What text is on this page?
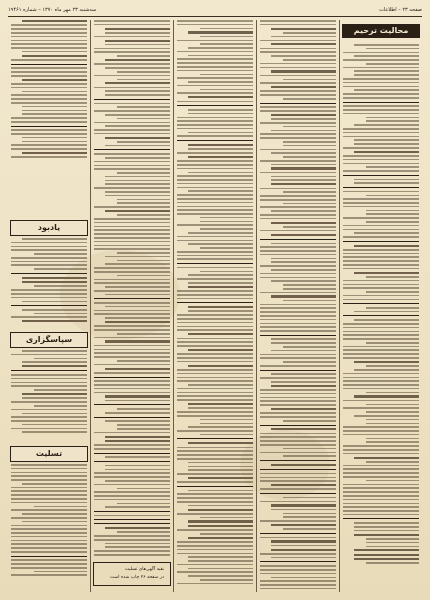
صفحه ۲۳ – اطلاعات
سه‌شنبه ۲۳ مهر ماه ۱۳۷۰ – شماره ۱۹۴۶۱
محالیت ترحیم
بقیه آگهی‌های تسلیت
در صفحه ۲۶ چاپ شده است
یادبود
سپاسگزاری
تسلیت
